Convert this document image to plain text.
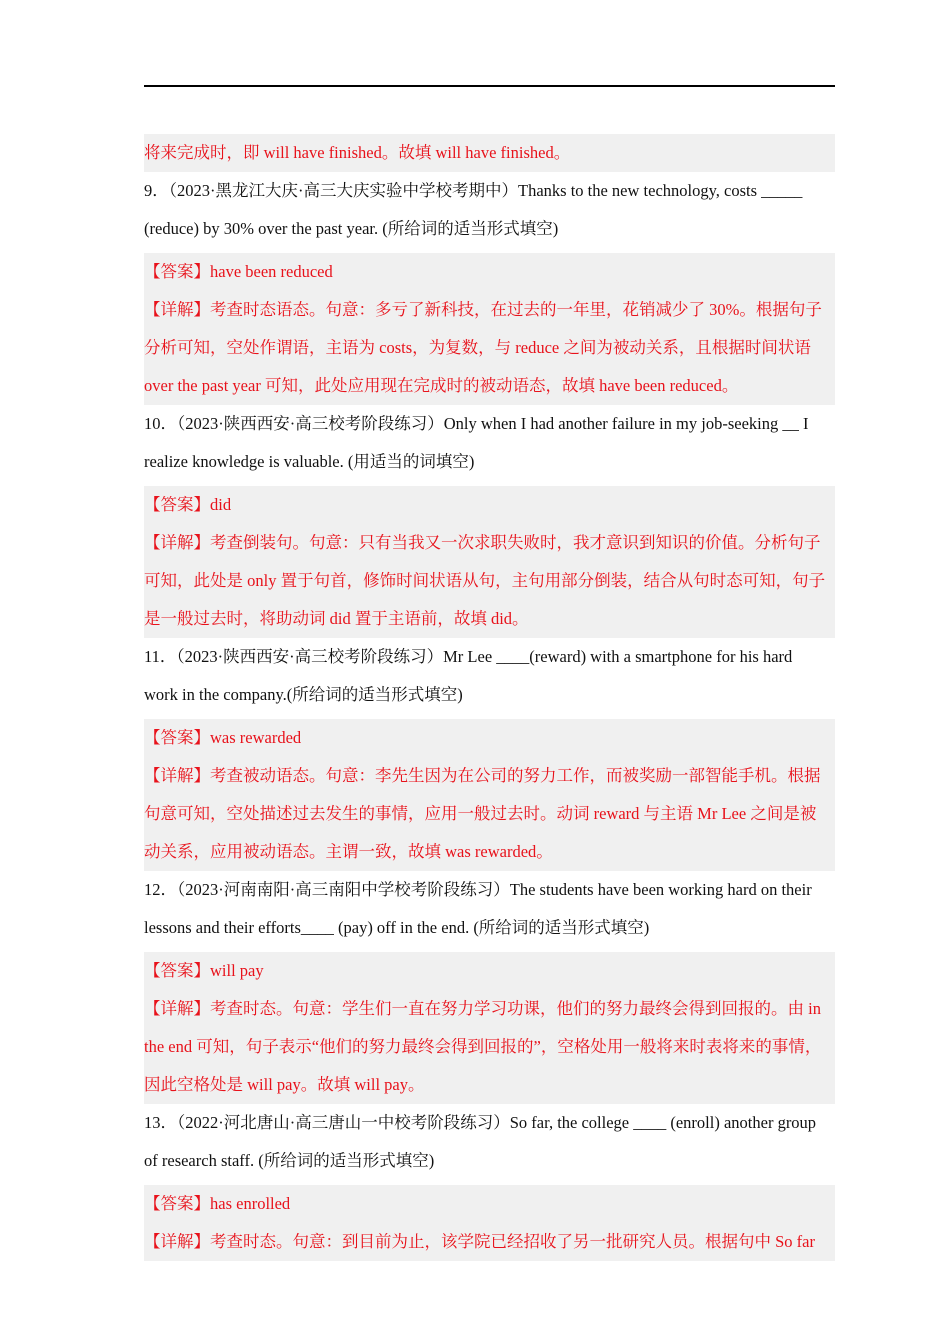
将来完成时，即 will have finished。故填 will have finished。
9．（2023·黑龙江大庆·高三大庆实验中学校考期中）Thanks to the new technology, costs _____
(reduce) by 30% over the past year. (所给词的适当形式填空)
【答案】have been reduced
【详解】考查时态语态。句意：多亏了新科技，在过去的一年里，花销减少了 30%。根据句子
分析可知，空处作谓语，主语为 costs，为复数，与 reduce 之间为被动关系，且根据时间状语
over the past year 可知，此处应用现在完成时的被动语态，故填 have been reduced。
10．（2023·陕西西安·高三校考阶段练习）Only when I had another failure in my job-seeking __ I
realize knowledge is valuable. (用适当的词填空)
【答案】did
【详解】考查倒装句。句意：只有当我又一次求职失败时，我才意识到知识的价值。分析句子
可知，此处是 only 置于句首，修饰时间状语从句，主句用部分倒装，结合从句时态可知，句子
是一般过去时，将助动词 did 置于主语前，故填 did。
11．（2023·陕西西安·高三校考阶段练习）Mr Lee ____(reward) with a smartphone for his hard
work in the company.(所给词的适当形式填空)
【答案】was rewarded
【详解】考查被动语态。句意：李先生因为在公司的努力工作，而被奖励一部智能手机。根据
句意可知，空处描述过去发生的事情，应用一般过去时。动词 reward 与主语 Mr Lee 之间是被
动关系，应用被动语态。主谓一致，故填 was rewarded。
12．（2023·河南南阳·高三南阳中学校考阶段练习）The students have been working hard on their
lessons and their efforts____ (pay) off in the end. (所给词的适当形式填空)
【答案】will pay
【详解】考查时态。句意：学生们一直在努力学习功课，他们的努力最终会得到回报的。由 in
the end 可知，句子表示“他们的努力最终会得到回报的”，空格处用一般将来时表将来的事情，
因此空格处是 will pay。故填 will pay。
13．（2022·河北唐山·高三唐山一中校考阶段练习）So far, the college ____ (enroll) another group
of research staff. (所给词的适当形式填空)
【答案】has enrolled
【详解】考查时态。句意：到目前为止，该学院已经招收了另一批研究人员。根据句中 So far
